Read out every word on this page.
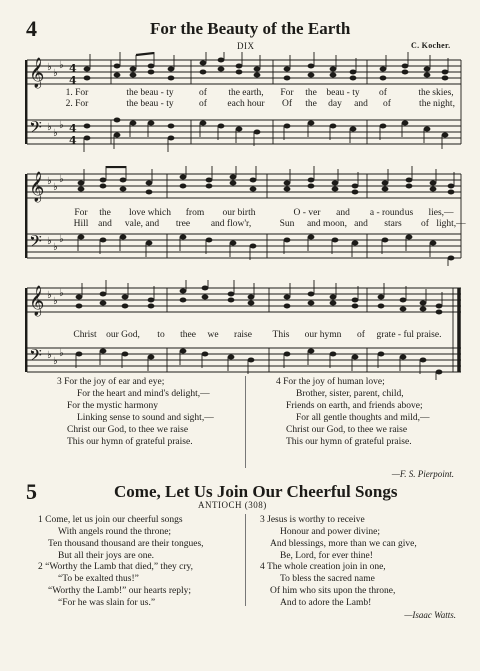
4	For the Beauty of the Earth
DIX	C. Kocher.
𝄞
𝄢
♭
♭
♭
♭
♭
♭
4
4
4
4
1. For	the beau - ty	of the earth, For the beau - ty of	the skies,
2. For	the beau - ty	of each hour Of the day and of	the night,
𝄞
𝄢
♭
♭
♭
♭
♭
♭
For the love which from our birth	O - ver and a - round us lies,—
Hill and vale, and tree and flow'r,	Sun and moon, and stars of light,—
𝄞
𝄢
♭
♭
♭
♭
♭
♭
Christ our God, to thee we raise This our hymn of grate - ful praise.
3 For the joy of ear and eye;
For the heart and mind's delight,—
For the mystic harmony
Linking sense to sound and sight,—
Christ our God, to thee we raise
This our hymn of grateful praise.
4 For the joy of human love;
Brother, sister, parent, child,
Friends on earth, and friends above;
For all gentle thoughts and mild,—
Christ our God, to thee we raise
This our hymn of grateful praise.
—F. S. Pierpoint.
5	Come, Let Us Join Our Cheerful Songs
ANTIOCH (308)
1 Come, let us join our cheerful songs
With angels round the throne;
Ten thousand thousand are their tongues,
But all their joys are one.
2 “Worthy the Lamb that died,” they cry,
“To be exalted thus!”
“Worthy the Lamb!” our hearts reply;
“For he was slain for us.”
3 Jesus is worthy to receive
Honour and power divine;
And blessings, more than we can give,
Be, Lord, for ever thine!
4 The whole creation join in one,
To bless the sacred name
Of him who sits upon the throne,
And to adore the Lamb!
—Isaac Watts.
